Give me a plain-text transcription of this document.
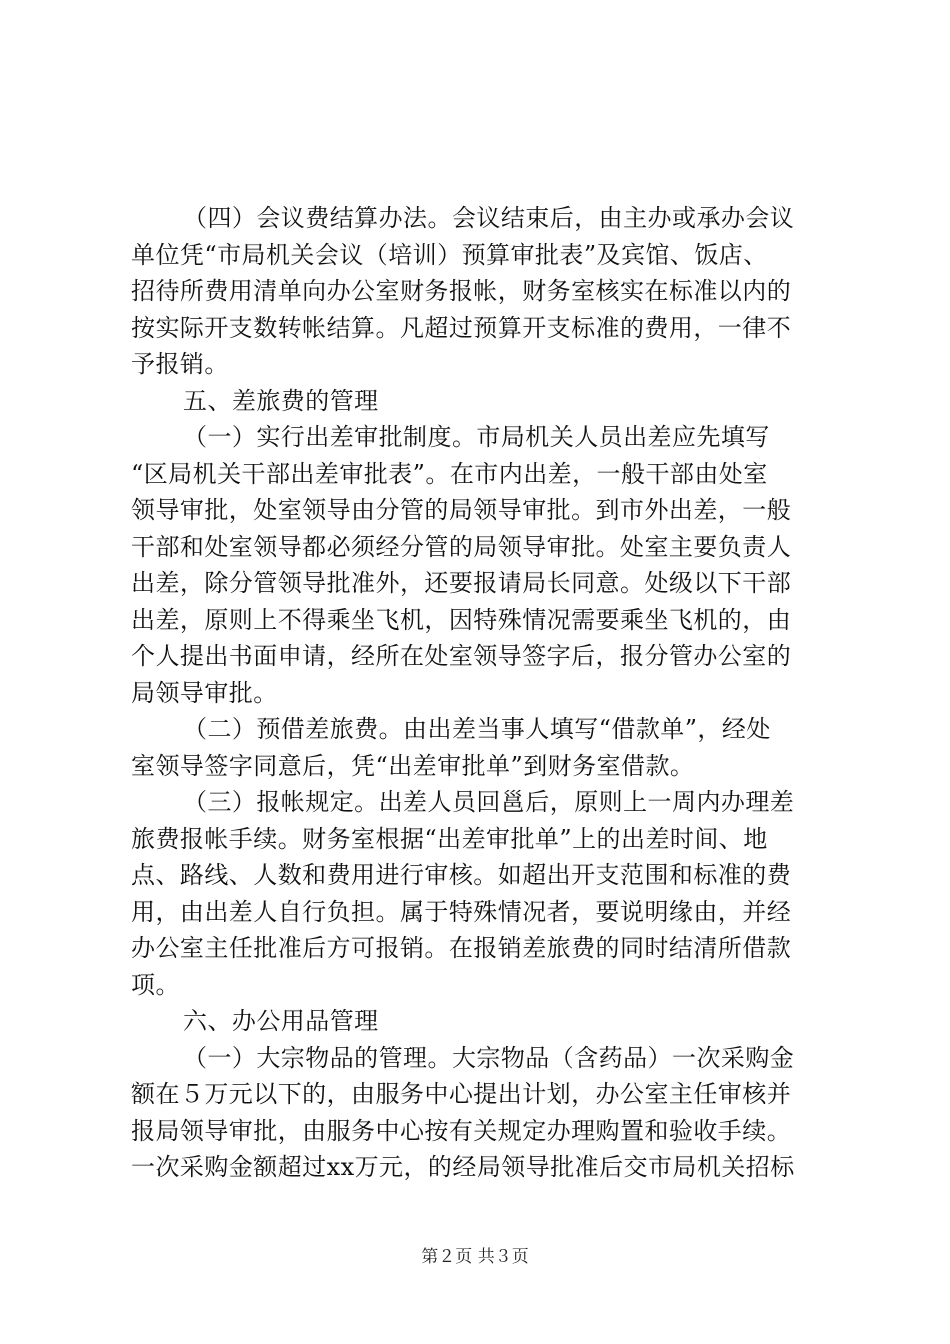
（四）会议费结算办法。会议结束后，由主办或承办会议
单位凭“市局机关会议（培训）预算审批表”及宾馆、饭店、
招待所费用清单向办公室财务报帐，财务室核实在标准以内的
按实际开支数转帐结算。凡超过预算开支标准的费用，一律不
予报销。
五、差旅费的管理
（一）实行出差审批制度。市局机关人员出差应先填写
“区局机关干部出差审批表”。在市内出差，一般干部由处室
领导审批，处室领导由分管的局领导审批。到市外出差，一般
干部和处室领导都必须经分管的局领导审批。处室主要负责人
出差，除分管领导批准外，还要报请局长同意。处级以下干部
出差，原则上不得乘坐飞机，因特殊情况需要乘坐飞机的，由
个人提出书面申请，经所在处室领导签字后，报分管办公室的
局领导审批。
（二）预借差旅费。由出差当事人填写“借款单”，经处
室领导签字同意后，凭“出差审批单”到财务室借款。
（三）报帐规定。出差人员回邕后，原则上一周内办理差
旅费报帐手续。财务室根据“出差审批单”上的出差时间、地
点、路线、人数和费用进行审核。如超出开支范围和标准的费
用，由出差人自行负担。属于特殊情况者，要说明缘由，并经
办公室主任批准后方可报销。在报销差旅费的同时结清所借款
项。
六、办公用品管理
（一）大宗物品的管理。大宗物品（含药品）一次采购金
额在５万元以下的，由服务中心提出计划，办公室主任审核并
报局领导审批，由服务中心按有关规定办理购置和验收手续。
一次采购金额超过xx万元，的经局领导批准后交市局机关招标
第２页 共３页
